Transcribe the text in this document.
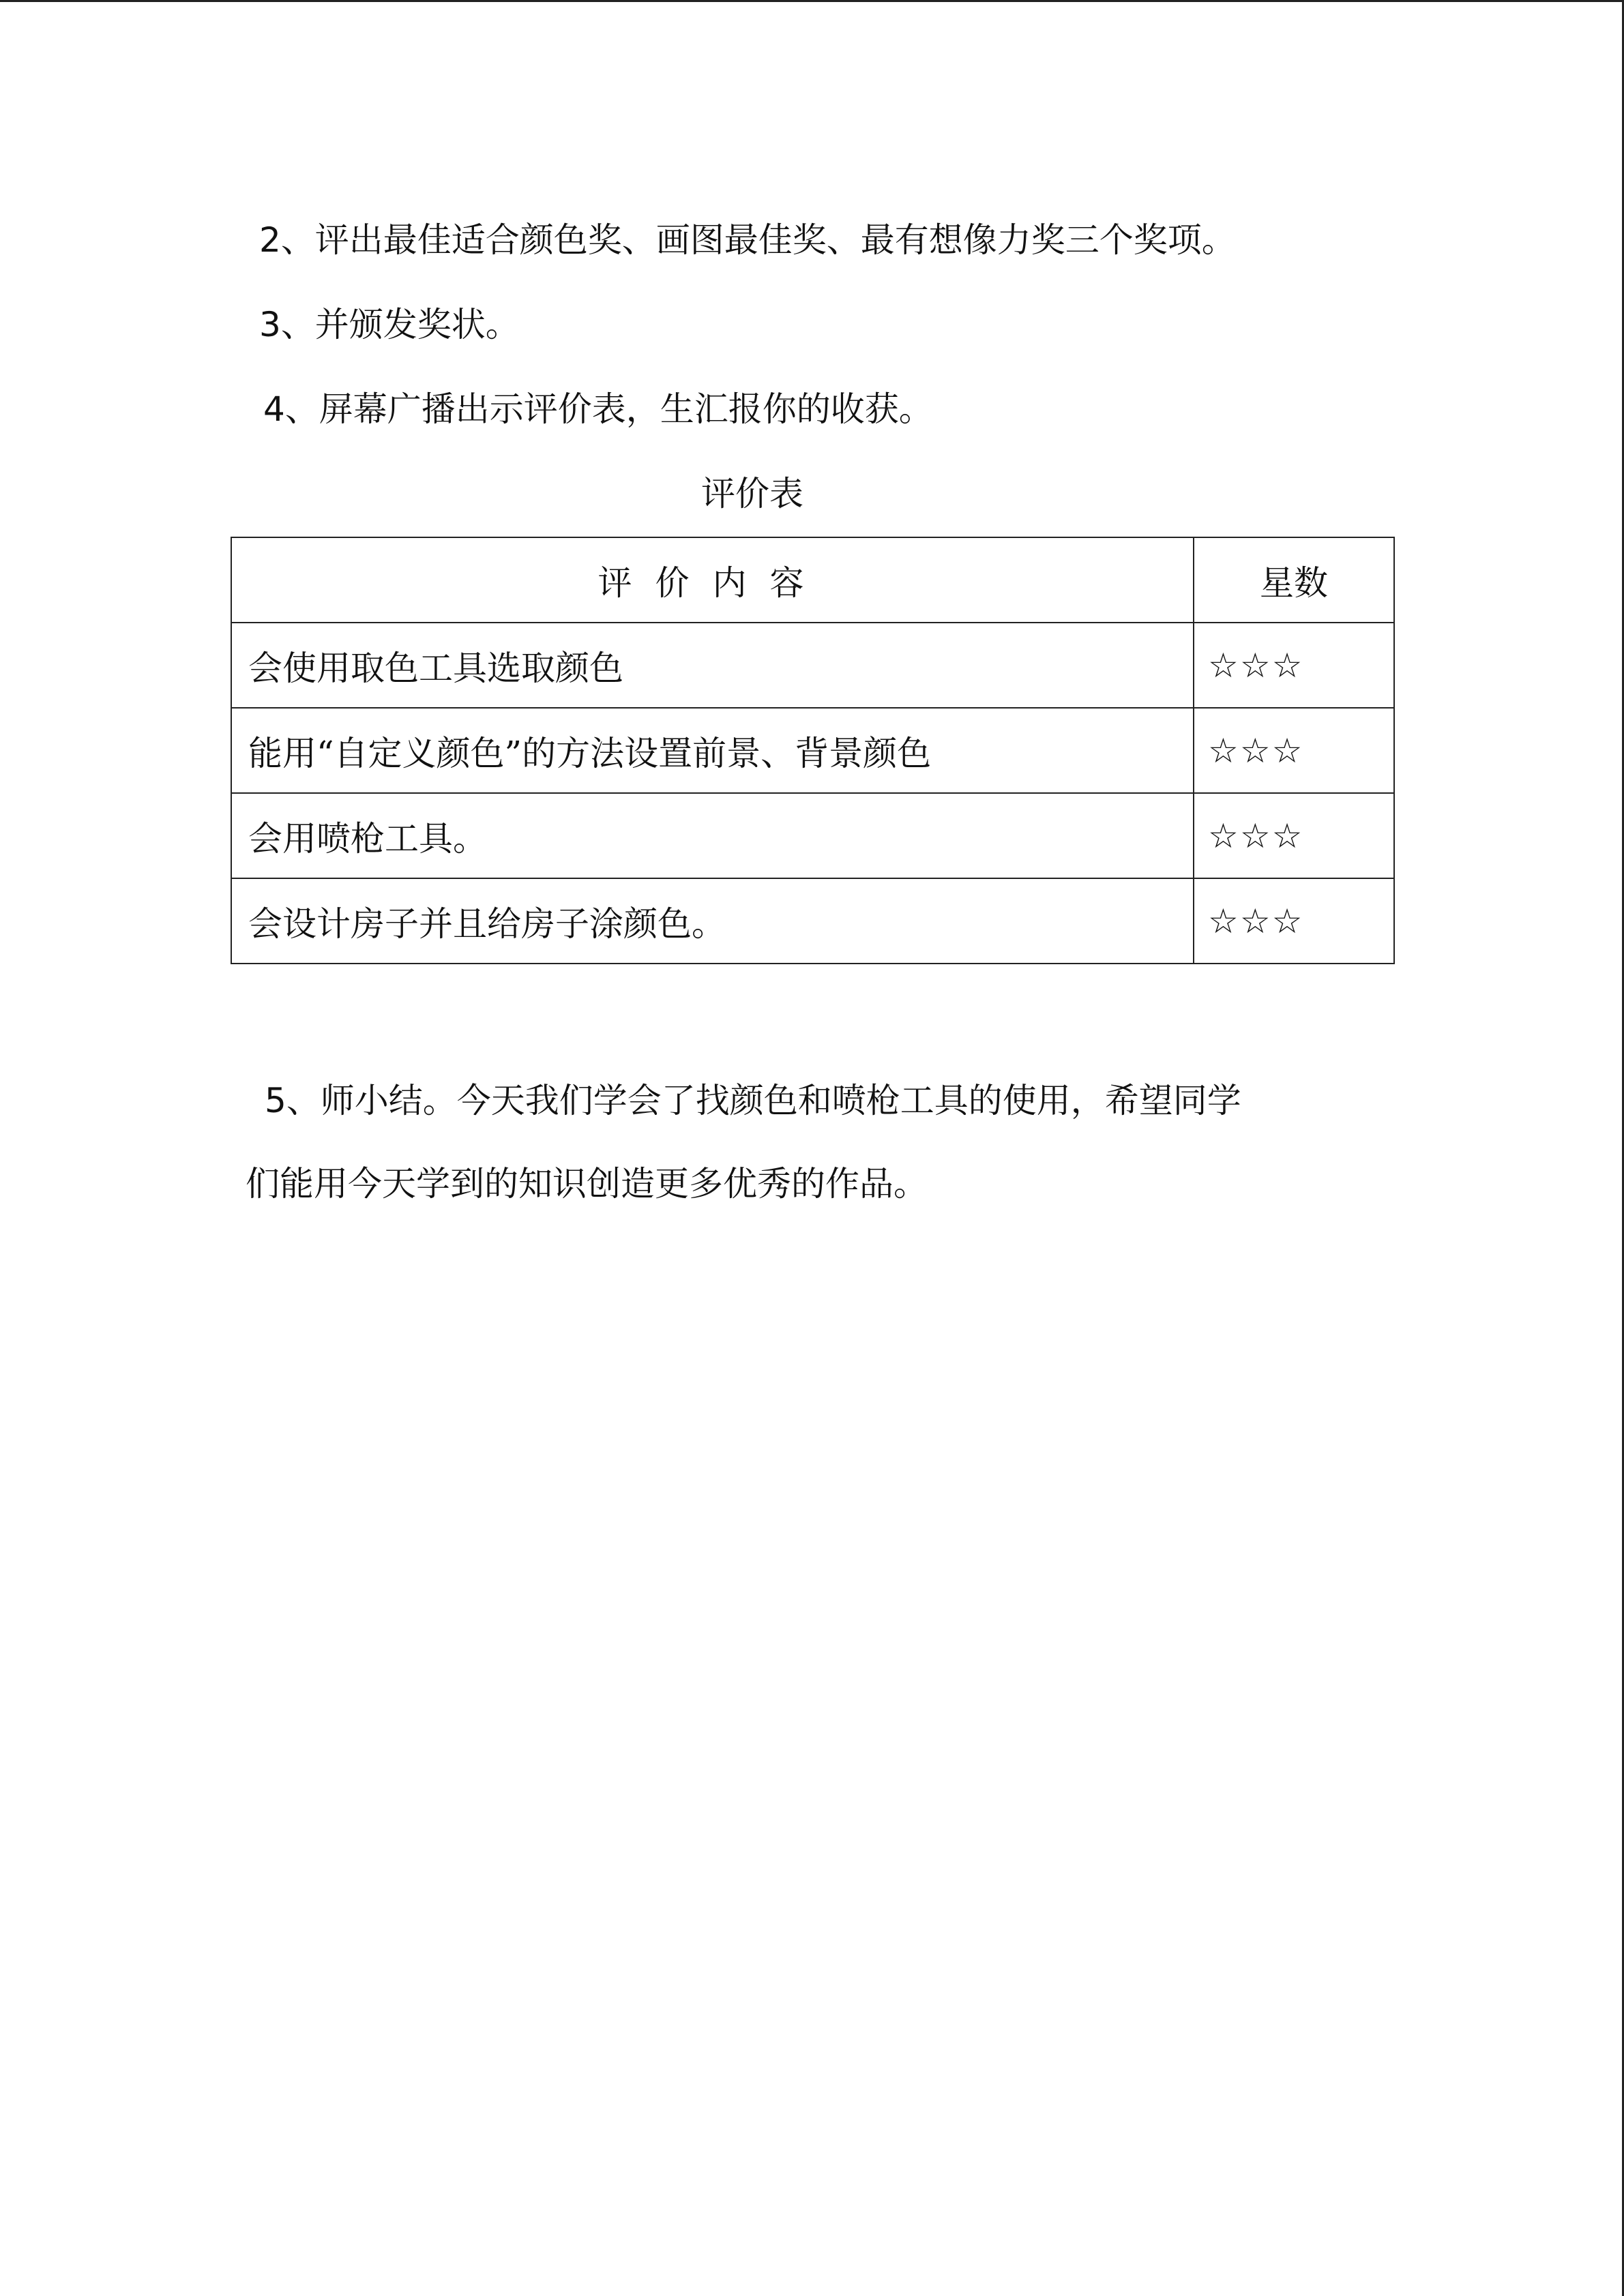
2、评出最佳适合颜色奖、画图最佳奖、最有想像力奖三个奖项。
3、并颁发奖状。
4、屏幕广播出示评价表，生汇报你的收获。
评价表
评价内容	星数
会使用取色工具选取颜色	☆☆☆
能用“自定义颜色”的方法设置前景、背景颜色	☆☆☆
会用喷枪工具。	☆☆☆
会设计房子并且给房子涂颜色。	☆☆☆
5、师小结。今天我们学会了找颜色和喷枪工具的使用，希望同学
们能用今天学到的知识创造更多优秀的作品。
